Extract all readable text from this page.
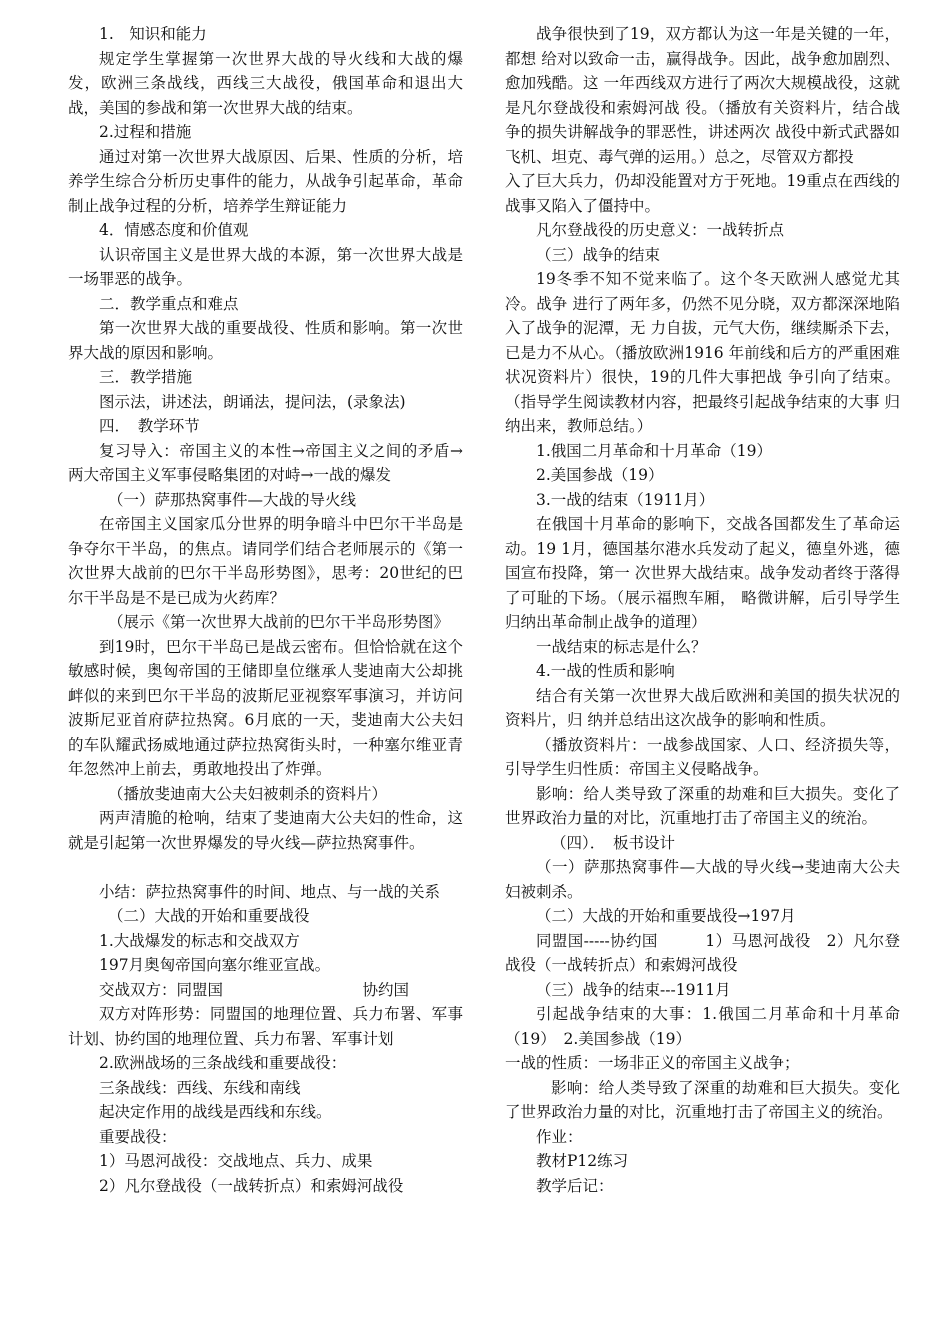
1.　知识和能力

规定学生掌握第一次世界大战的导火线和大战的爆发，欧洲三条战线，西线三大战役，俄国革命和退出大战，美国的参战和第一次世界大战的结束。

2.过程和措施

通过对第一次世界大战原因、后果、性质的分析，培养学生综合分析历史事件的能力，从战争引起革命，革命制止战争过程的分析，培养学生辩证能力

4．情感态度和价值观

认识帝国主义是世界大战的本源，第一次世界大战是一场罪恶的战争。

二．教学重点和难点

第一次世界大战的重要战役、性质和影响。第一次世界大战的原因和影响。

三．教学措施

图示法，讲述法，朗诵法，提问法，(录象法)

四．　教学环节

复习导入：帝国主义的本性→帝国主义之间的矛盾→两大帝国主义军事侵略集团的对峙→一战的爆发

（一）萨那热窝事件—大战的导火线

在帝国主义国家瓜分世界的明争暗斗中巴尔干半岛是争夺尔干半岛，的焦点。请同学们结合老师展示的《第一次世界大战前的巴尔干半岛形势图》，思考：20世纪的巴尔干半岛是不是已成为火药库？

（展示《第一次世界大战前的巴尔干半岛形势图》

到19时，巴尔干半岛已是战云密布。但恰恰就在这个敏感时候，奥匈帝国的王储即皇位继承人斐迪南大公却挑衅似的来到巴尔干半岛的波斯尼亚视察军事演习，并访问波斯尼亚首府萨拉热窝。6月底的一天，斐迪南大公夫妇的车队耀武扬威地通过萨拉热窝街头时，一种塞尔维亚青年忽然冲上前去，勇敢地投出了炸弹。

（播放斐迪南大公夫妇被刺杀的资料片）

两声清脆的枪响，结束了斐迪南大公夫妇的性命，这就是引起第一次世界爆发的导火线—萨拉热窝事件。

小结：萨拉热窝事件的时间、地点、与一战的关系

（二）大战的开始和重要战役

1.大战爆发的标志和交战双方

197月奥匈帝国向塞尔维亚宣战。

交战双方：同盟国　　　　　　　　　协约国

双方对阵形势：同盟国的地理位置、兵力布署、军事计划、协约国的地理位置、兵力布署、军事计划

2.欧洲战场的三条战线和重要战役：

三条战线：西线、东线和南线

起决定作用的战线是西线和东线。

重要战役：

1）马恩河战役：交战地点、兵力、成果

2）凡尔登战役（一战转折点）和索姆河战役

战争很快到了19，双方都认为这一年是关键的一年，都想 给对以致命一击，赢得战争。因此，战争愈加剧烈、愈加残酷。这 一年西线双方进行了两次大规模战役，这就是凡尔登战役和索姆河战 役。（播放有关资料片，结合战争的损失讲解战争的罪恶性，讲述两次 战役中新式武器如飞机、坦克、毒气弹的运用。）总之，尽管双方都投

入了巨大兵力，仍却没能置对方于死地。19重点在西线的战事又陷入了僵持中。

凡尔登战役的历史意义：一战转折点

（三）战争的结束

19冬季不知不觉来临了。这个冬天欧洲人感觉尤其冷。战争 进行了两年多，仍然不见分晓，双方都深深地陷入了战争的泥潭，无 力自拔，元气大伤，继续厮杀下去，已是力不从心。（播放欧洲1916 年前线和后方的严重困难状况资料片）很快，19的几件大事把战 争引向了结束。（指导学生阅读教材内容，把最终引起战争结束的大事 归纳出来，教师总结。）

1.俄国二月革命和十月革命（19）

2.美国参战（19）

3.一战的结束（1911月）

在俄国十月革命的影响下，交战各国都发生了革命运动。19 1月，德国基尔港水兵发动了起义，德皇外逃，德国宣布投降，第一 次世界大战结束。战争发动者终于落得了可耻的下场。（展示福煦车厢， 略微讲解，后引导学生归纳出革命制止战争的道理）

一战结束的标志是什么？

4.一战的性质和影响

结合有关第一次世界大战后欧洲和美国的损失状况的资料片，归 纳并总结出这次战争的影响和性质。

（播放资料片：一战参战国家、人口、经济损失等，引导学生归性质：帝国主义侵略战争。

影响：给人类导致了深重的劫难和巨大损失。变化了世界政治力量的对比，沉重地打击了帝国主义的统治。

（四）．　板书设计

（一）萨那热窝事件—大战的导火线→斐迪南大公夫妇被刺杀。

（二）大战的开始和重要战役→197月

同盟国-----协约国　　　1）马恩河战役　2）凡尔登战役（一战转折点）和索姆河战役

（三）战争的结束---1911月

引起战争结束的大事：1.俄国二月革命和十月革命（19）　2.美国参战（19）

一战的性质：一场非正义的帝国主义战争；

影响：给人类导致了深重的劫难和巨大损失。变化了世界政治力量的对比，沉重地打击了帝国主义的统治。

作业：

教材P12练习

教学后记：
